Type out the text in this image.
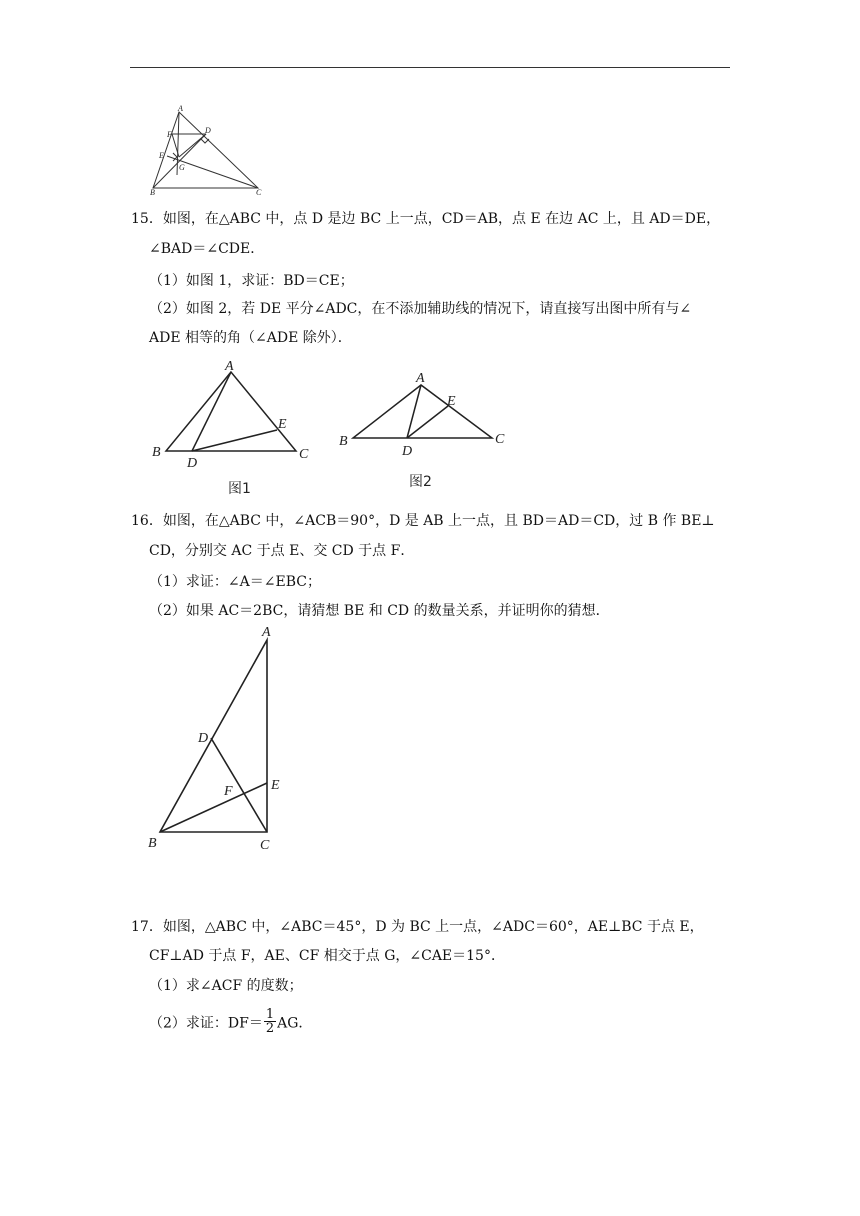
A
F	D
E
G
B	C
15．如图，在△ABC 中，点 D 是边 BC 上一点，CD＝AB，点 E 在边 AC 上，且 AD＝DE，
∠BAD＝∠CDE．
（1）如图 1，求证：BD＝CE；
（2）如图 2，若 DE 平分∠ADC，在不添加辅助线的情况下，请直接写出图中所有与∠
ADE 相等的角（∠ADE 除外）．
A
B
D
E
C
图1
A
B
D
E
C
图2
16．如图，在△ABC 中，∠ACB＝90°，D 是 AB 上一点，且 BD＝AD＝CD，过 B 作 BE⊥
CD，分别交 AC 于点 E、交 CD 于点 F．
（1）求证：∠A＝∠EBC；
（2）如果 AC＝2BC，请猜想 BE 和 CD 的数量关系，并证明你的猜想．
A
D
E
F
B	C
17．如图，△ABC 中，∠ABC＝45°，D 为 BC 上一点，∠ADC＝60°，AE⊥BC 于点 E，
CF⊥AD 于点 F，AE、CF 相交于点 G，∠CAE＝15°．
（1）求∠ACF 的度数；
（2）求证：$DF= \frac{1}{2}$ AG．
